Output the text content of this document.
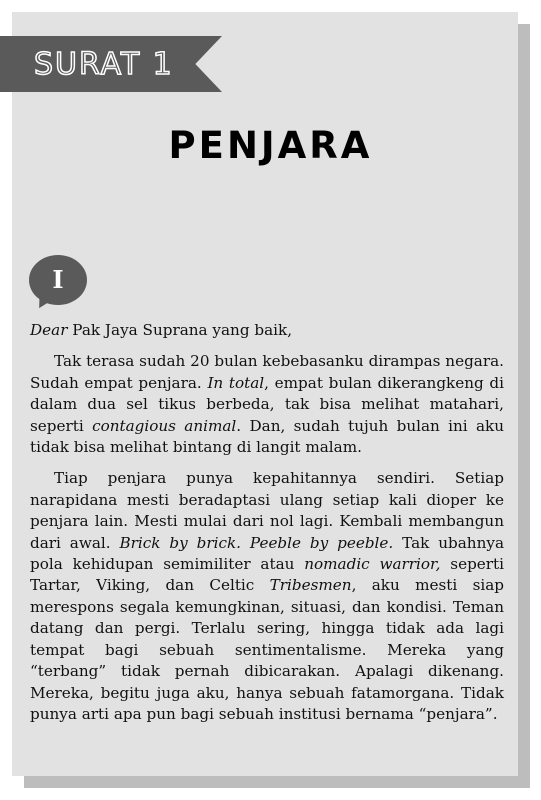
SURAT 1
PENJARA
I

Dear Pak Jaya Suprana yang baik,

Tak terasa sudah 20 bulan kebebasanku dirampas negara. Sudah empat penjara. In total, empat bulan dikerangkeng di dalam dua sel tikus berbeda, tak bisa melihat matahari, seperti contagious animal. Dan, sudah tujuh bulan ini aku tidak bisa melihat bintang di langit malam.

Tiap penjara punya kepahitannya sendiri. Setiap narapidana mesti beradaptasi ulang setiap kali dioper ke penjara lain. Mesti mulai dari nol lagi. Kembali membangun dari awal. Brick by brick. Peeble by peeble. Tak ubahnya pola kehidupan semimiliter atau nomadic warrior, seperti Tartar, Viking, dan Celtic Tribesmen, aku mesti siap merespons segala kemungkinan, situasi, dan kondisi. Teman datang dan pergi. Terlalu sering, hingga tidak ada lagi tempat bagi sebuah sentimentalisme. Mereka yang “terbang” tidak pernah dibicarakan. Apalagi dikenang. Mereka, begitu juga aku, hanya sebuah fatamorgana. Tidak punya arti apa pun bagi sebuah institusi bernama “penjara”.
